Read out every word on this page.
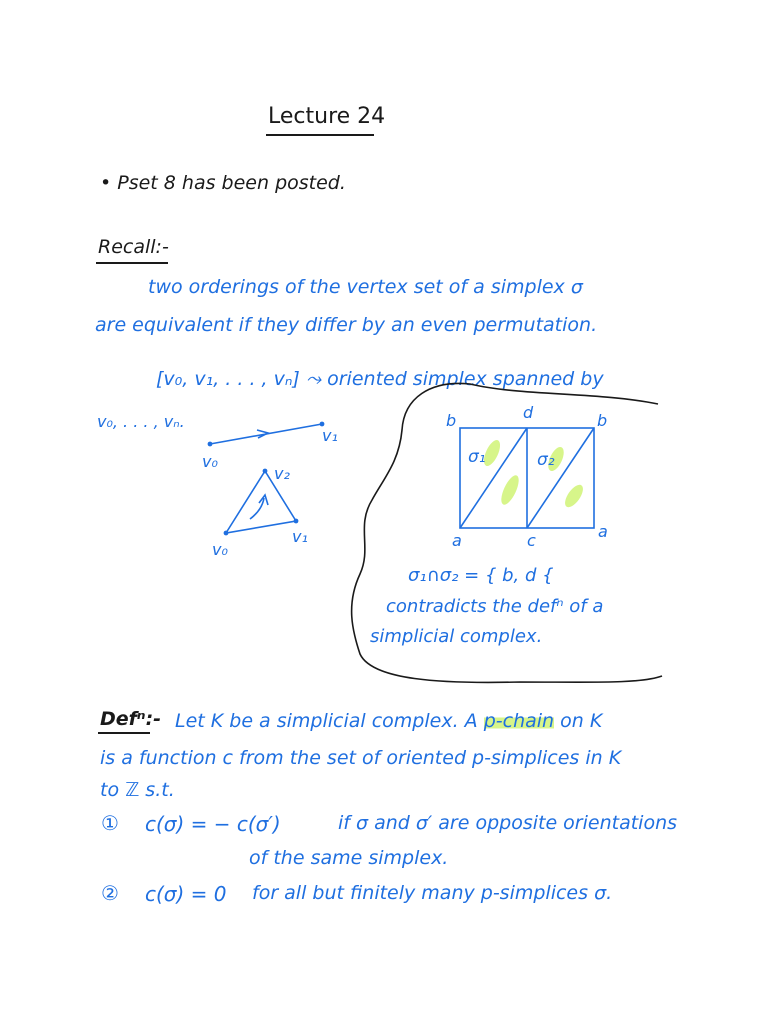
Lecture 24
• Pset 8 has been posted.
Recall:-
two orderings of the vertex set of a simplex σ
are equivalent if they differ by an even permutation.
[v₀, v₁, . . . , vₙ] ⤳ oriented simplex spanned by
v₀, . . . , vₙ.
v₀
v₁
v₀
v₁
v₂
b	d	b
a	c	a
σ₁	σ₂
σ₁∩σ₂ = { b, d {
contradicts the defⁿ of a
simplicial complex.
Defⁿ:- Let K be a simplicial complex. A p-chain on K
is a function c from the set of oriented p-simplices in K
to ℤ s.t.
① c(σ) = − c(σ′)	if σ and σ′ are opposite orientations
of the same simplex.
② c(σ) = 0 for all but finitely many p-simplices σ.
